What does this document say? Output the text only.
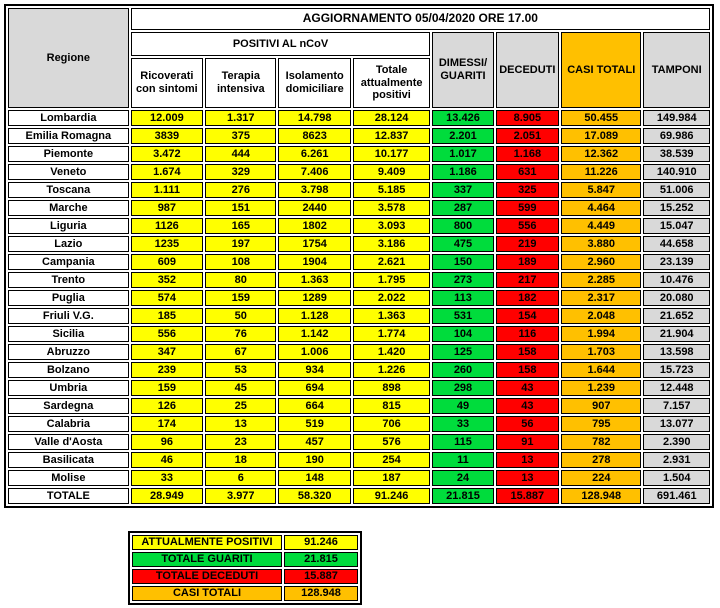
Regione	AGGIORNAMENTO 05/04/2020 ORE 17.00							
	POSITIVI AL nCoV				DIMESSI/ GUARITI	DECEDUTI	CASI TOTALI	TAMPONI
	Ricoverati con sintomi	Terapia intensiva	Isolamento domiciliare	Totale attualmente positivi				
Lombardia	12.009	1.317	14.798	28.124	13.426	8.905	50.455	149.984
Emilia Romagna	3839	375	8623	12.837	2.201	2.051	17.089	69.986
Piemonte	3.472	444	6.261	10.177	1.017	1.168	12.362	38.539
Veneto	1.674	329	7.406	9.409	1.186	631	11.226	140.910
Toscana	1.111	276	3.798	5.185	337	325	5.847	51.006
Marche	987	151	2440	3.578	287	599	4.464	15.252
Liguria	1126	165	1802	3.093	800	556	4.449	15.047
Lazio	1235	197	1754	3.186	475	219	3.880	44.658
Campania	609	108	1904	2.621	150	189	2.960	23.139
Trento	352	80	1.363	1.795	273	217	2.285	10.476
Puglia	574	159	1289	2.022	113	182	2.317	20.080
Friuli V.G.	185	50	1.128	1.363	531	154	2.048	21.652
Sicilia	556	76	1.142	1.774	104	116	1.994	21.904
Abruzzo	347	67	1.006	1.420	125	158	1.703	13.598
Bolzano	239	53	934	1.226	260	158	1.644	15.723
Umbria	159	45	694	898	298	43	1.239	12.448
Sardegna	126	25	664	815	49	43	907	7.157
Calabria	174	13	519	706	33	56	795	13.077
Valle d'Aosta	96	23	457	576	115	91	782	2.390
Basilicata	46	18	190	254	11	13	278	2.931
Molise	33	6	148	187	24	13	224	1.504
TOTALE	28.949	3.977	58.320	91.246	21.815	15.887	128.948	691.461
ATTUALMENTE POSITIVI	91.246
TOTALE GUARITI	21.815
TOTALE DECEDUTI	15.887
CASI TOTALI	128.948
